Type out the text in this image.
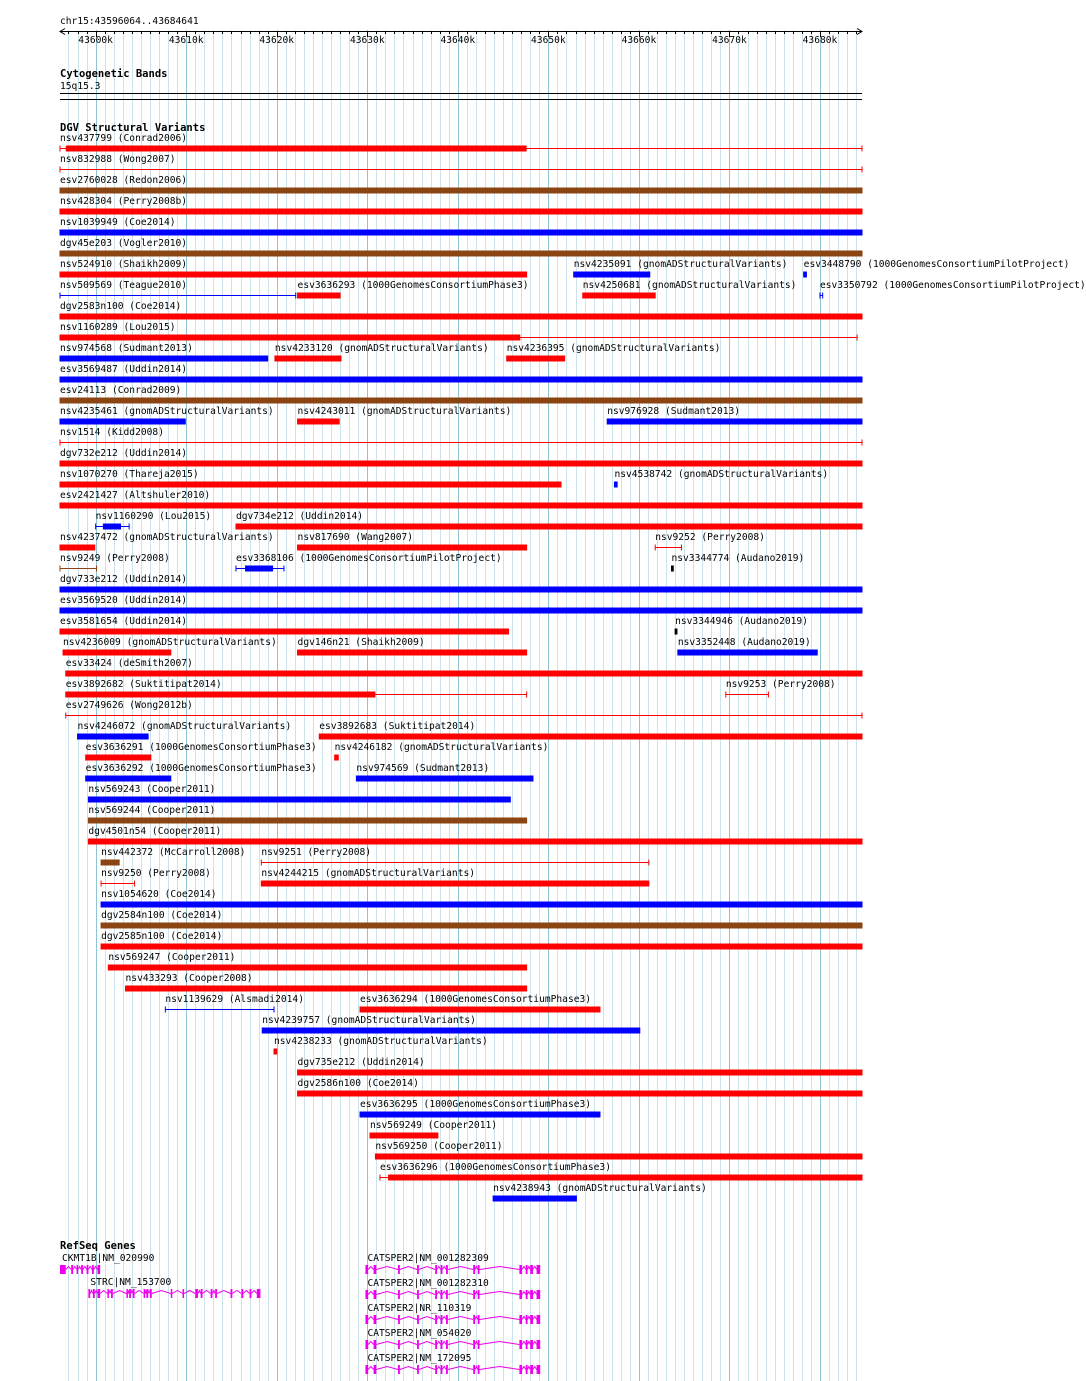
chr15:43596064..43684641
43600k	43610k	43620k	43630k	43640k	43650k	43660k	43670k	43680k
Cytogenetic Bands
15q15.3
DGV Structural Variants
nsv437799 (Conrad2006)
nsv832988 (Wong2007)
esv2760028 (Redon2006)
nsv428304 (Perry2008b)
nsv1039949 (Coe2014)
dgv45e203 (Vogler2010)
nsv524910 (Shaikh2009)	nsv4235091 (gnomADStructuralVariants) esv3448790 (1000GenomesConsortiumPilotProject)
nsv509569 (Teague2010)	esv3636293 (1000GenomesConsortiumPhase3)	nsv4250681 (gnomADStructuralVariants) esv3350792 (1000GenomesConsortiumPilotProject)
dgv2583n100 (Coe2014)
nsv1160289 (Lou2015)
nsv974568 (Sudmant2013)	nsv4233120 (gnomADStructuralVariants) nsv4236395 (gnomADStructuralVariants)
esv3569487 (Uddin2014)
esv24113 (Conrad2009)
nsv4235461 (gnomADStructuralVariants) nsv4243011 (gnomADStructuralVariants)	nsv976928 (Sudmant2013)
nsv1514 (Kidd2008)
dgv732e212 (Uddin2014)
nsv1070270 (Thareja2015)	nsv4538742 (gnomADStructuralVariants)
esv2421427 (Altshuler2010)
nsv1160290 (Lou2015)	dgv734e212 (Uddin2014)
nsv4237472 (gnomADStructuralVariants) nsv817690 (Wang2007)	nsv9252 (Perry2008)
nsv9249 (Perry2008)	esv3368106 (1000GenomesConsortiumPilotProject)	nsv3344774 (Audano2019)
dgv733e212 (Uddin2014)
esv3569520 (Uddin2014)
esv3581654 (Uddin2014)	nsv3344946 (Audano2019)
nsv4236009 (gnomADStructuralVariants) dgv146n21 (Shaikh2009)	nsv3352448 (Audano2019)
esv33424 (deSmith2007)
esv3892682 (Suktitipat2014)	nsv9253 (Perry2008)
esv2749626 (Wong2012b)
nsv4246072 (gnomADStructuralVariants)	esv3892683 (Suktitipat2014)
esv3636291 (1000GenomesConsortiumPhase3) nsv4246182 (gnomADStructuralVariants)
esv3636292 (1000GenomesConsortiumPhase3)	nsv974569 (Sudmant2013)
nsv569243 (Cooper2011)
nsv569244 (Cooper2011)
dgv4501n54 (Cooper2011)
nsv442372 (McCarroll2008) nsv9251 (Perry2008)
nsv9250 (Perry2008)	nsv4244215 (gnomADStructuralVariants)
nsv1054620 (Coe2014)
dgv2584n100 (Coe2014)
dgv2585n100 (Coe2014)
nsv569247 (Cooper2011)
nsv433293 (Cooper2008)
nsv1139629 (Alsmadi2014)	esv3636294 (1000GenomesConsortiumPhase3)
nsv4239757 (gnomADStructuralVariants)
nsv4238233 (gnomADStructuralVariants)
dgv735e212 (Uddin2014)
dgv2586n100 (Coe2014)
esv3636295 (1000GenomesConsortiumPhase3)
nsv569249 (Cooper2011)
nsv569250 (Cooper2011)
esv3636296 (1000GenomesConsortiumPhase3)
nsv4238943 (gnomADStructuralVariants)
RefSeq Genes
CKMT1B|NM_020990
STRC|NM_153700
CATSPER2|NM_001282309
CATSPER2|NM_001282310
CATSPER2|NR_110319
CATSPER2|NM_054020
CATSPER2|NM_172095
